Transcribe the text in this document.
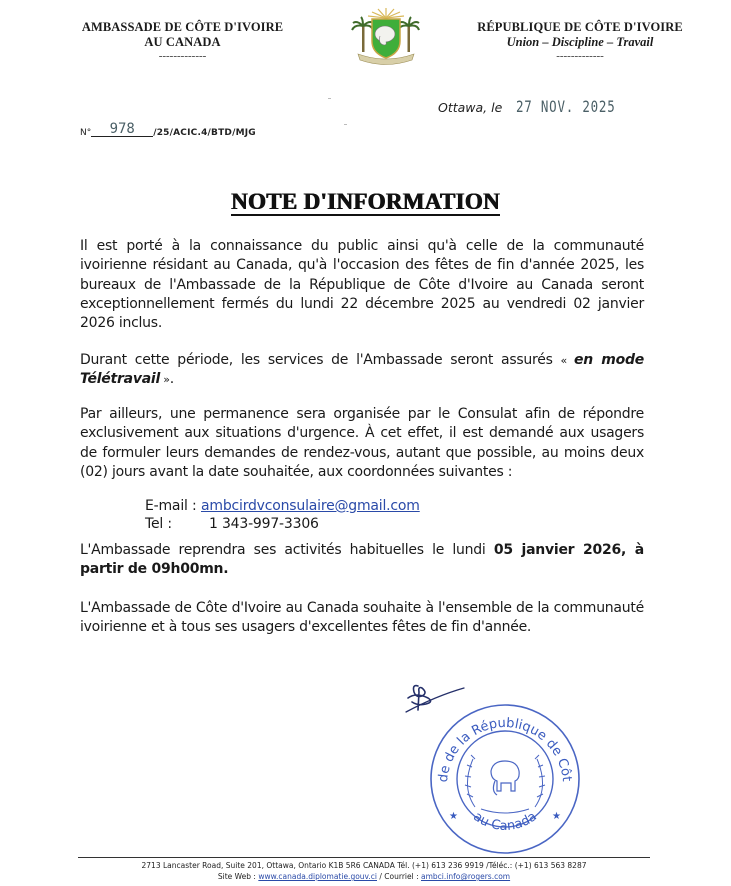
AMBASSADE DE CÔTE D'IVOIRE
AU CANADA
-------------
RÉPUBLIQUE DE CÔTE D'IVOIRE
Union – Discipline – Travail
-------------
Ottawa, le 27 NOV. 2025
N° 978 /25/ACIC.4/BTD/MJG
NOTE D'INFORMATION

Il est porté à la connaissance du public ainsi qu'à celle de la communauté ivoirienne résidant au Canada, qu'à l'occasion des fêtes de fin d'année 2025, les bureaux de l'Ambassade de la République de Côte d'Ivoire au Canada seront exceptionnellement fermés du lundi 22 décembre 2025 au vendredi 02 janvier 2026 inclus.

Durant cette période, les services de l'Ambassade seront assurés « en mode Télétravail ».

Par ailleurs, une permanence sera organisée par le Consulat afin de répondre exclusivement aux situations d'urgence. À cet effet, il est demandé aux usagers de formuler leurs demandes de rendez-vous, autant que possible, au moins deux (02) jours avant la date souhaitée, aux coordonnées suivantes :

E-mail : ambcirdvconsulaire@gmail.com
Tel :	1 343-997-3306

L'Ambassade reprendra ses activités habituelles le lundi 05 janvier 2026, à partir de 09h00mn.

L'Ambassade de Côte d'Ivoire au Canada souhaite à l'ensemble de la communauté ivoirienne et à tous ses usagers d'excellentes fêtes de fin d'année.

de de la République de Côt
au Canada
★	★
2713 Lancaster Road, Suite 201, Ottawa, Ontario K1B 5R6 CANADA Tél. (+1) 613 236 9919 /Téléc.: (+1) 613 563 8287
Site Web : www.canada.diplomatie.gouv.ci / Courriel : ambci.info@rogers.com
